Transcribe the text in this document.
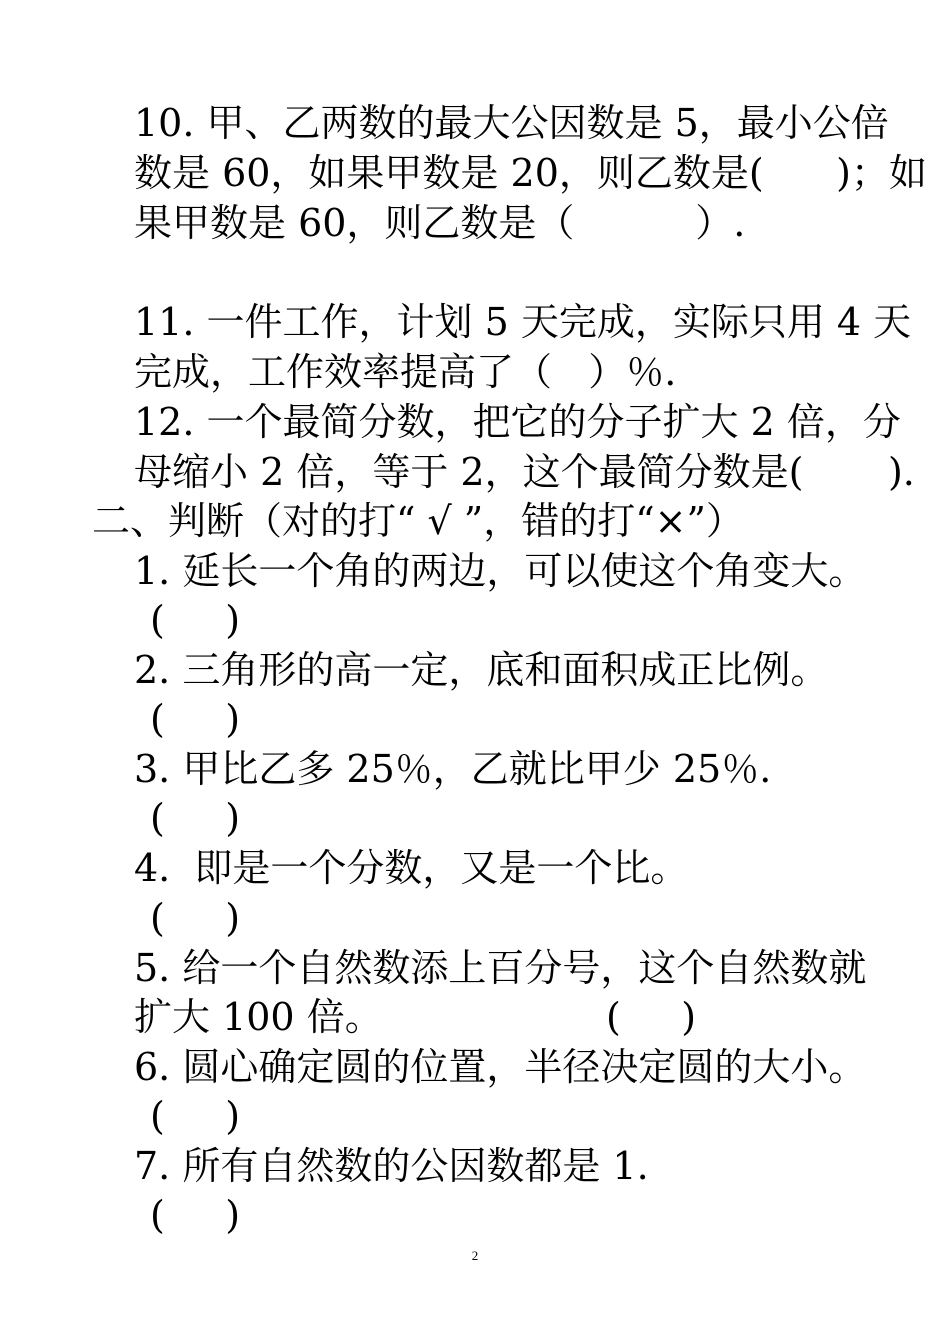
10. 甲、乙两数的最大公因数是 5，最小公倍
数是 60，如果甲数是 20，则乙数是(      )；如
果甲数是 60，则乙数是（          ）.
11. 一件工作，计划 5 天完成，实际只用 4 天
完成，工作效率提高了（   ）％.
12. 一个最简分数，把它的分子扩大 2 倍，分
母缩小 2 倍，等于 2，这个最简分数是(       ).
二、判断（对的打“ √ ”，错的打“×”）
1. 延长一个角的两边，可以使这个角变大。
(     )
2. 三角形的高一定，底和面积成正比例。
(     )
3. 甲比乙多 25％，乙就比甲少 25％.
(     )
4.  即是一个分数，又是一个比。
(     )
5. 给一个自然数添上百分号，这个自然数就
扩大 100 倍。	(     )
6. 圆心确定圆的位置，半径决定圆的大小。
(     )
7. 所有自然数的公因数都是 1.
(     )
2
